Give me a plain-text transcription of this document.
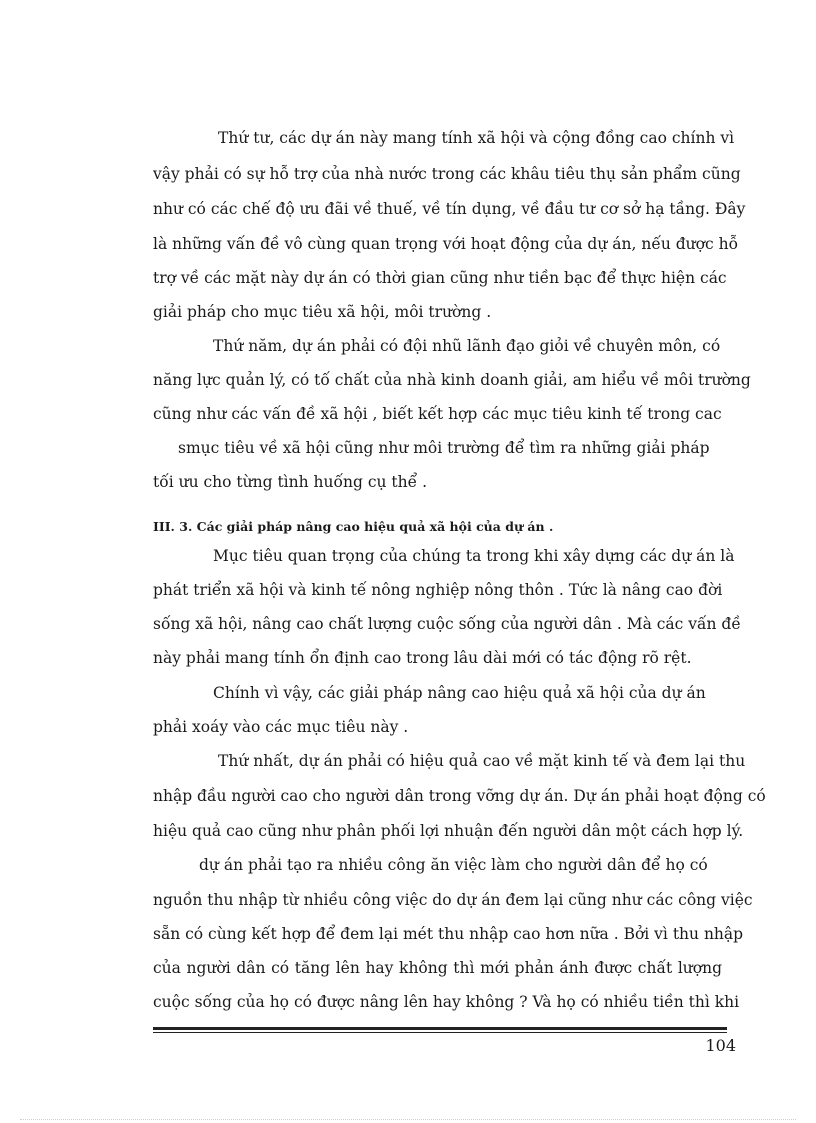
Thứ tư, các dự án này mang tính xã hội và cộng đồng cao chính vì

vậy phải có sự hỗ trợ của nhà nước trong các khâu tiêu thụ sản phẩm cũng

như có các chế độ ưu đãi về thuế, về tín dụng, về đầu tư cơ sở hạ tầng. Đây

là những vấn đề vô cùng quan trọng với hoạt động của dự án, nếu được hỗ

trợ về các mặt này dự án có thời gian cũng như tiền bạc để thực hiện các

giải pháp cho mục tiêu xã hội, môi trường .

Thứ năm, dự án phải có đội nhũ lãnh đạo giỏi về chuyên môn, có

năng lực quản lý, có tố chất của nhà kinh doanh giải, am hiểu về môi trường

cũng như các vấn đề xã hội , biết kết hợp các mục tiêu kinh tế trong cac

smục tiêu về xã hội cũng như môi trường để tìm ra những giải pháp

tối ưu cho từng tình huống cụ thể .

III. 3. Các giải pháp nâng cao hiệu quả xã hội của dự án .

Mục tiêu quan trọng của chúng ta trong khi xây dựng các dự án là

phát triển xã hội và kinh tế nông nghiệp nông thôn . Tức là nâng cao đời

sống xã hội, nâng cao chất lượng cuộc sống của người dân . Mà các vấn đề

này phải mang tính ổn định cao trong lâu dài mới có tác động rõ rệt.

Chính vì vậy, các giải pháp nâng cao hiệu quả xã hội của dự án

phải xoáy vào các mục tiêu này .

Thứ nhất, dự án phải có hiệu quả cao về mặt kinh tế và đem lại thu

nhập đầu người cao cho người dân trong vỡng dự án. Dự án phải hoạt động có

hiệu quả cao cũng như phân phối lợi nhuận đến người dân một cách hợp lý.

dự án phải tạo ra nhiều công ăn việc làm cho người dân để họ có

nguồn thu nhập từ nhiều công việc do dự án đem lại cũng như các công việc

sẵn có cùng kết hợp để đem lại mét thu nhập cao hơn nữa . Bởi vì thu nhập

của người dân có tăng lên hay không thì mới phản ánh được chất lượng

cuộc sống của họ có được nâng lên hay không ? Và họ có nhiều tiền thì khi

104
